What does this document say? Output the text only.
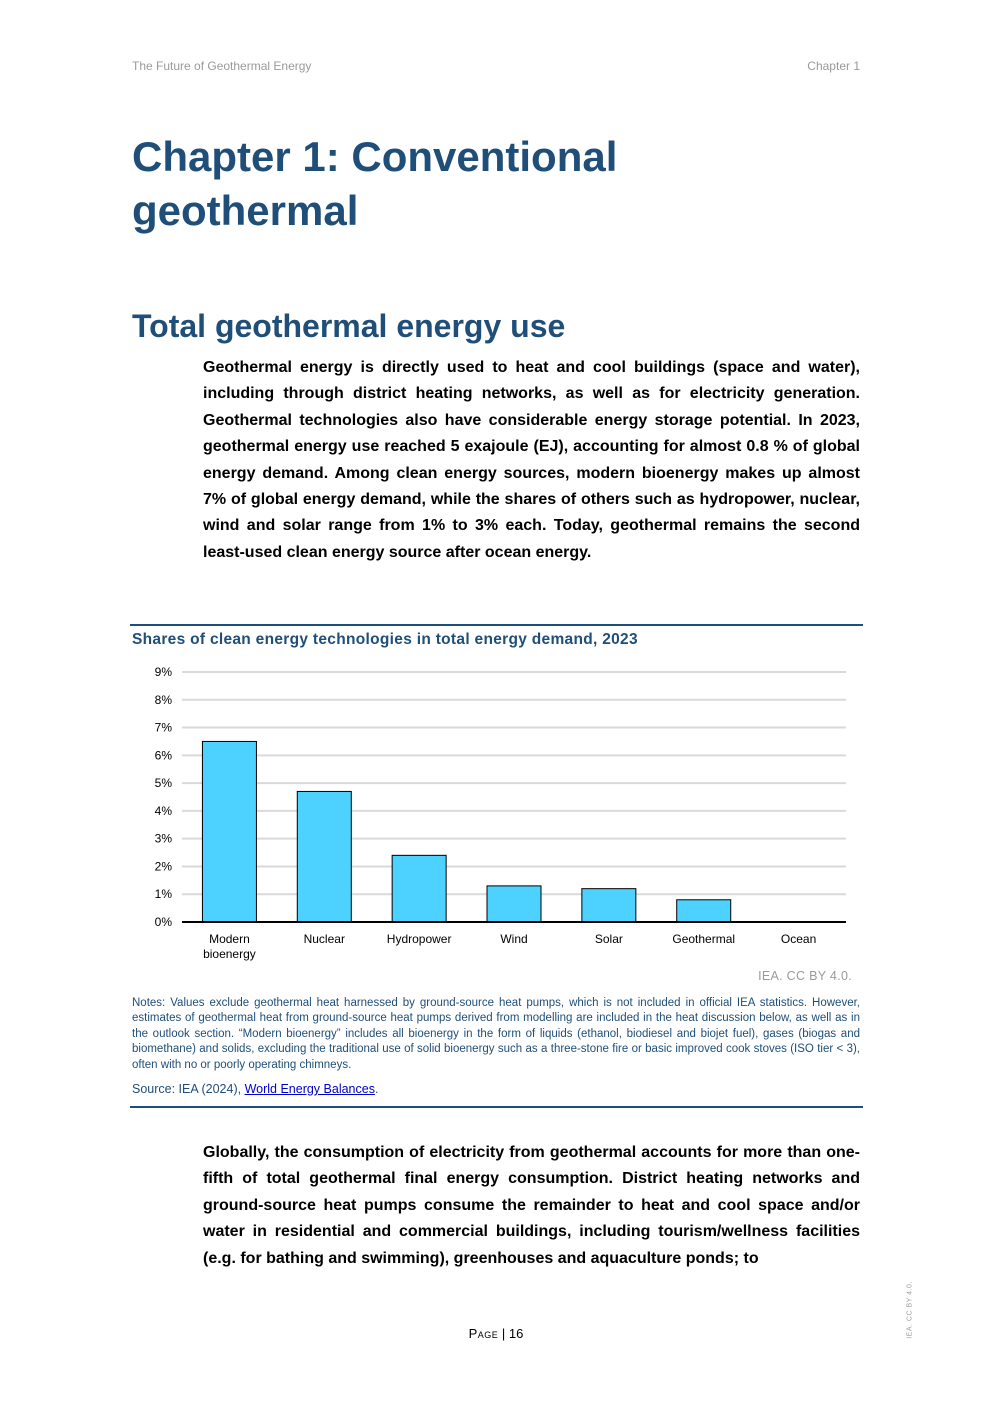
The Future of Geothermal Energy	Chapter 1
Chapter 1: Conventional geothermal
Total geothermal energy use

Geothermal energy is directly used to heat and cool buildings (space and water), including through district heating networks, as well as for electricity generation. Geothermal technologies also have considerable energy storage potential. In 2023, geothermal energy use reached 5 exajoule (EJ), accounting for almost 0.8 % of global energy demand. Among clean energy sources, modern bioenergy makes up almost 7% of global energy demand, while the shares of others such as hydropower, nuclear, wind and solar range from 1% to 3% each. Today, geothermal remains the second least-used clean energy source after ocean energy.

Shares of clean energy technologies in total energy demand, 2023
0%
1%
2%
3%
4%
5%
6%
7%
8%
9%
Modern bioenergy
Nuclear	Hydropower	Wind	Solar	Geothermal	Ocean
IEA. CC BY 4.0.

Notes: Values exclude geothermal heat harnessed by ground-source heat pumps, which is not included in official IEA statistics. However, estimates of geothermal heat from ground-source heat pumps derived from modelling are included in the heat discussion below, as well as in the outlook section. “Modern bioenergy” includes all bioenergy in the form of liquids (ethanol, biodiesel and biojet fuel), gases (biogas and biomethane) and solids, excluding the traditional use of solid bioenergy such as a three-stone fire or basic improved cook stoves (ISO tier < 3), often with no or poorly operating chimneys.

Source: IEA (2024), World Energy Balances.

Globally, the consumption of electricity from geothermal accounts for more than one-fifth of total geothermal final energy consumption. District heating networks and ground-source heat pumps consume the remainder to heat and cool space and/or water in residential and commercial buildings, including tourism/wellness facilities (e.g. for bathing and swimming), greenhouses and aquaculture ponds; to

Page | 16	IEA. CC BY 4.0.
